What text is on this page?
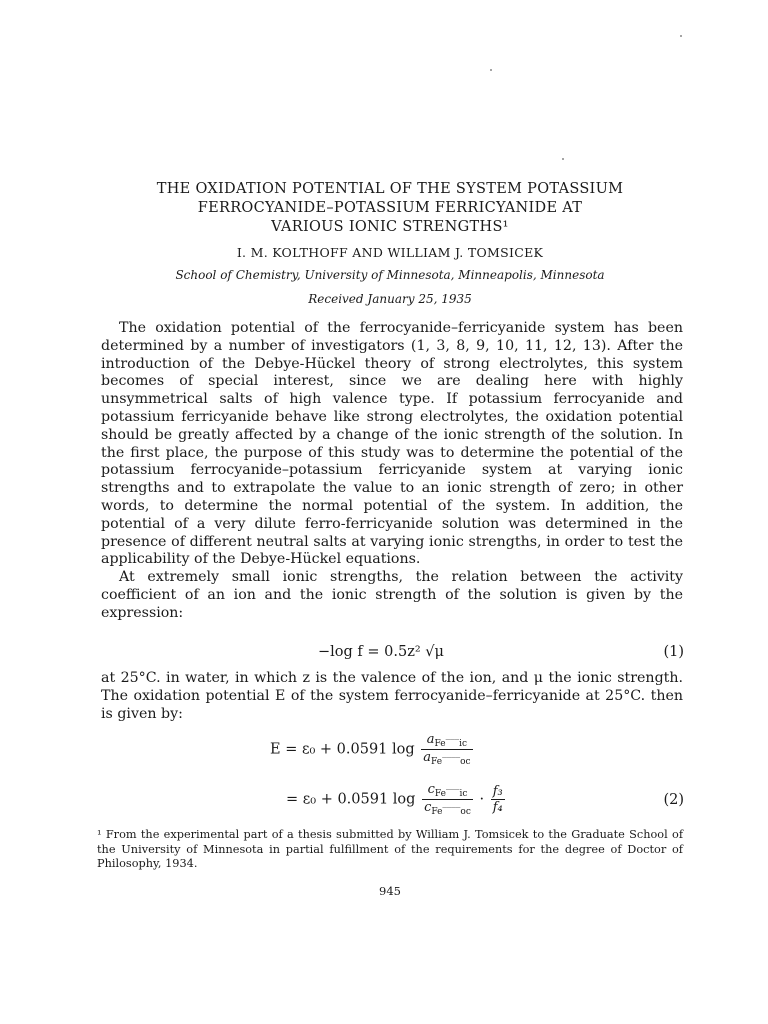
THE OXIDATION POTENTIAL OF THE SYSTEM POTASSIUM
FERROCYANIDE–POTASSIUM FERRICYANIDE AT
VARIOUS IONIC STRENGTHS¹
I. M. KOLTHOFF AND WILLIAM J. TOMSICEK
School of Chemistry, University of Minnesota, Minneapolis, Minnesota
Received January 25, 1935

The oxidation potential of the ferrocyanide–ferricyanide system has been determined by a number of investigators (1, 3, 8, 9, 10, 11, 12, 13). After the introduction of the Debye-Hückel theory of strong electrolytes, this system becomes of special interest, since we are dealing here with highly unsymmetrical salts of high valence type. If potassium ferrocyanide and potassium ferricyanide behave like strong electrolytes, the oxidation potential should be greatly affected by a change of the ionic strength of the solution. In the first place, the purpose of this study was to determine the potential of the potassium ferrocyanide–potassium ferricyanide system at varying ionic strengths and to extrapolate the value to an ionic strength of zero; in other words, to determine the normal potential of the system. In addition, the potential of a very dilute ferro-ferricyanide solution was determined in the presence of different neutral salts at varying ionic strengths, in order to test the applicability of the Debye-Hückel equations.

At extremely small ionic strengths, the relation between the activity coefficient of an ion and the ionic strength of the solution is given by the expression:

−log f = 0.5z² √μ	(1)

at 25°C. in water, in which z is the valence of the ion, and μ the ionic strength. The oxidation potential E of the system ferrocyanide–ferricyanide at 25°C. then is given by:

E = ε₀ + 0.0591 $\log \frac{a_{Fe‾‾‾ic}}{a_{Fe‾‾‾‾oc}}$
= ε₀ + 0.0591 $\log \frac{c_{Fe‾‾‾ic}}{c_{Fe‾‾‾‾oc}} \cdot \frac{\text{f₃}}{\text{f₄}}$	(2)
¹ From the experimental part of a thesis submitted by William J. Tomsicek to the Graduate School of the University of Minnesota in partial fulfillment of the requirements for the degree of Doctor of Philosophy, 1934.
945
